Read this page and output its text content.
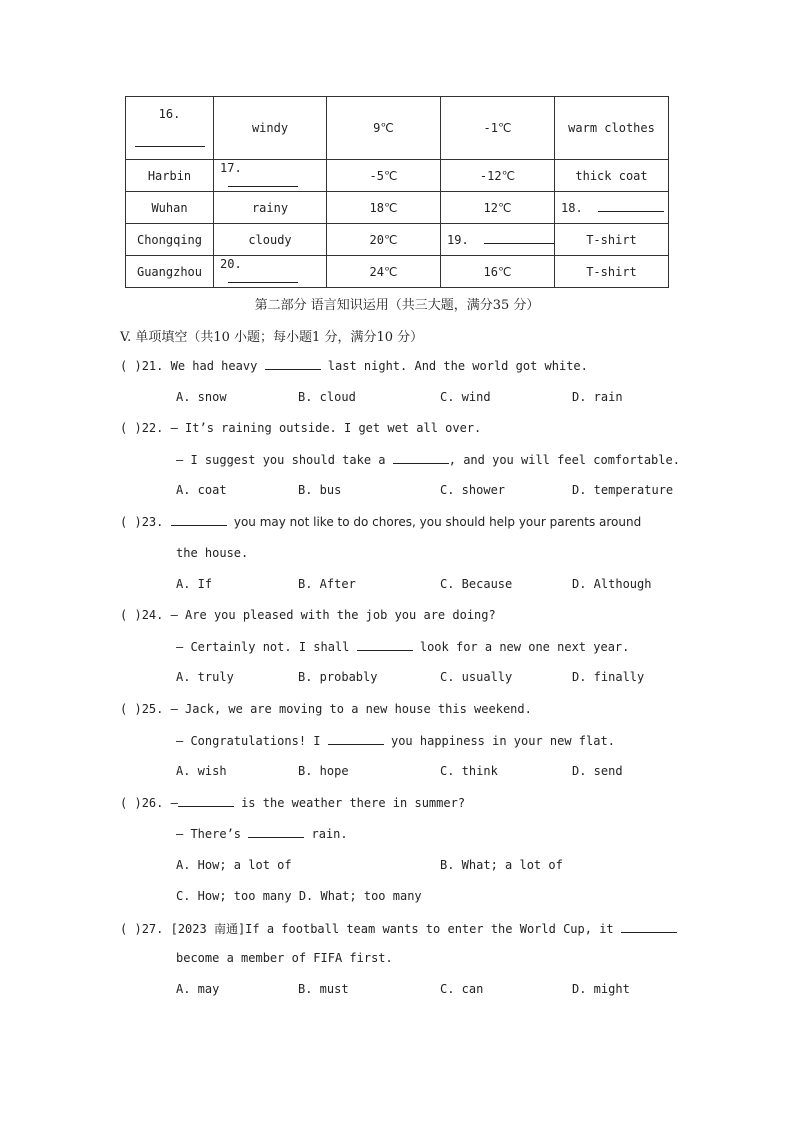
16.	windy	9℃	-1℃	warm clothes
Harbin	17.	-5℃	-12℃	thick coat
Wuhan	rainy	18℃	12℃	18.
Chongqing	cloudy	20℃	19.	T-shirt
Guangzhou	20.	24℃	16℃	T-shirt
第二部分 语言知识运用（共三大题，满分35 分）
V. 单项填空（共10 小题；每小题1 分，满分10 分）
( )21. We had heavy	last night. And the world got white.
A. snow	B. cloud	C. wind	D. rain
( )22. — It’s raining outside. I get wet all over.
— I suggest you should take a	, and you will feel comfortable.
A. coat	B. bus	C. shower	D. temperature
( )23.	you may not like to do chores, you should help your parents around
the house.
A. If	B. After	C. Because	D. Although
( )24. — Are you pleased with the job you are doing?
— Certainly not. I shall	look for a new one next year.
A. truly	B. probably	C. usually	D. finally
( )25. — Jack, we are moving to a new house this weekend.
— Congratulations! I	you happiness in your new flat.
A. wish	B. hope	C. think	D. send
( )26. —	is the weather there in summer?
— There’s	rain.
A. How; a lot of	B. What; a lot of
C. How; too many D. What; too many
( )27. [2023 南通]If a football team wants to enter the World Cup, it
become a member of FIFA first.
A. may	B. must	C. can	D. might
